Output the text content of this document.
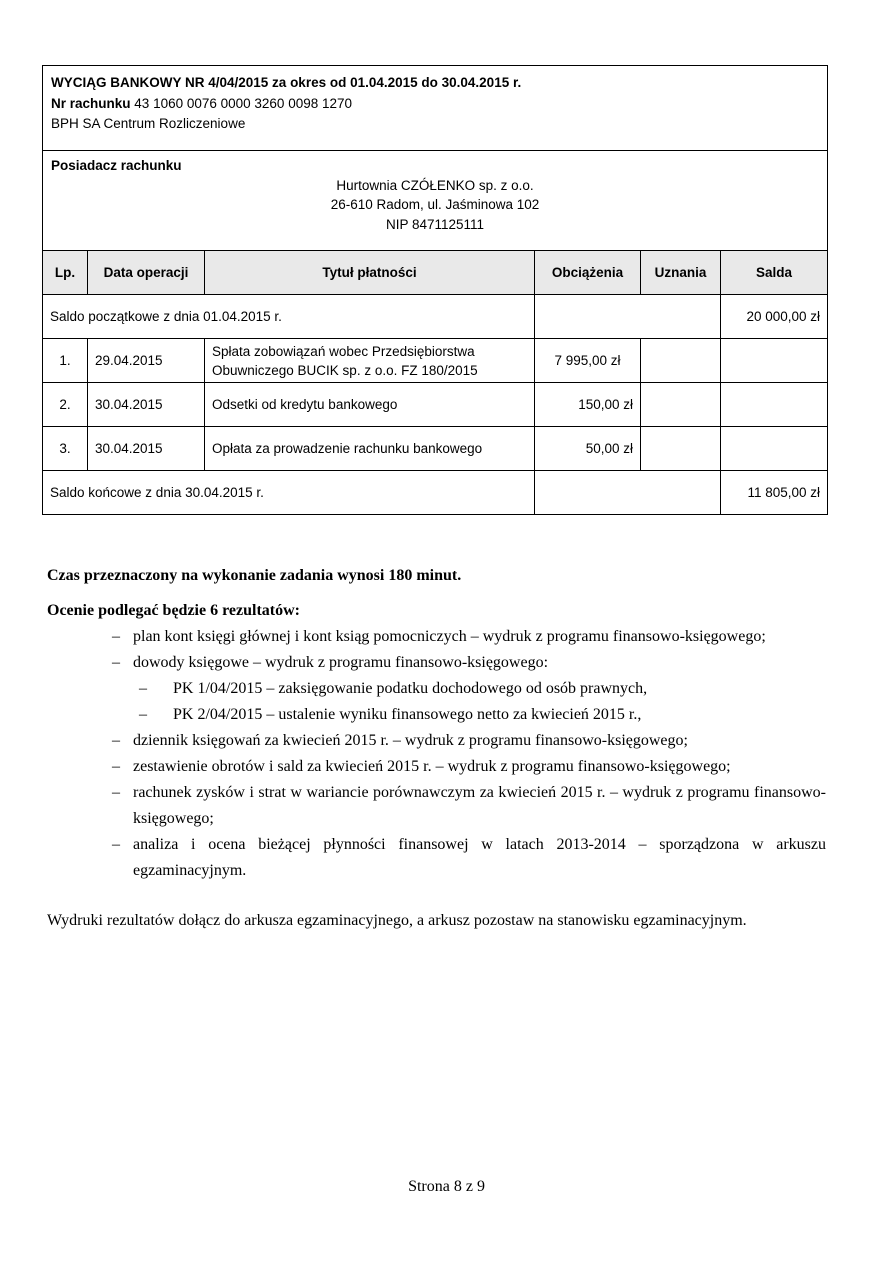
WYCIĄG BANKOWY NR 4/04/2015 za okres od 01.04.2015 do 30.04.2015 r.
Nr rachunku 43 1060 0076 0000 3260 0098 1270
BPH SA Centrum Rozliczeniowe					

Posiadacz rachunku
Hurtownia CZÓŁENKO sp. z o.o.
26-610 Radom, ul. Jaśminowa 102
NIP 8471125111					

Lp.	Data operacji	Tytuł płatności	Obciążenia	Uznania	Salda
Saldo początkowe z dnia 01.04.2015 r.					20 000,00 zł
1.	29.04.2015	Spłata zobowiązań wobec Przedsiębiorstwa Obuwniczego BUCIK sp. z o.o. FZ 180/2015	7 995,00 zł		
2.	30.04.2015	Odsetki od kredytu bankowego	150,00 zł		
3.	30.04.2015	Opłata za prowadzenie rachunku bankowego	50,00 zł		
Saldo końcowe z dnia 30.04.2015 r.					11 805,00 zł
Czas przeznaczony na wykonanie zadania wynosi 180 minut.
Ocenie podlegać będzie 6 rezultatów:
– plan kont księgi głównej i kont ksiąg pomocniczych – wydruk z programu finansowo-księgowego;
– dowody księgowe – wydruk z programu finansowo-księgowego:
– PK 1/04/2015 – zaksięgowanie podatku dochodowego od osób prawnych,
– PK 2/04/2015 – ustalenie wyniku finansowego netto za kwiecień 2015 r.,
– dziennik księgowań za kwiecień 2015 r. – wydruk z programu finansowo-księgowego;
– zestawienie obrotów i sald za kwiecień 2015 r. – wydruk z programu finansowo-księgowego;
– rachunek zysków i strat w wariancie porównawczym za kwiecień 2015 r. – wydruk z programu finansowo-księgowego;
– analiza i ocena bieżącej płynności finansowej w latach 2013-2014 – sporządzona w arkuszu egzaminacyjnym.
Wydruki rezultatów dołącz do arkusza egzaminacyjnego, a arkusz pozostaw na stanowisku egzaminacyjnym.
Strona 8 z 9
